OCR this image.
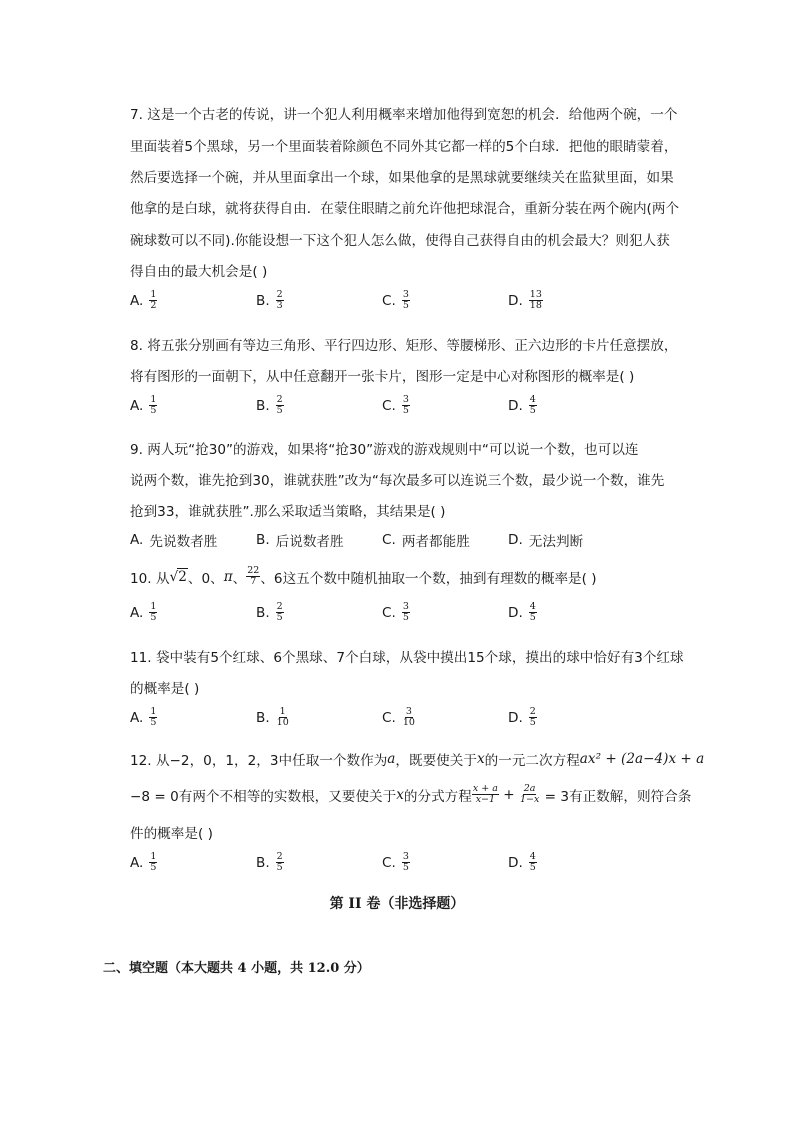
7. 这是一个古老的传说，讲一个犯人利用概率来增加他得到宽恕的机会．给他两个碗，一个
里面装着5个黑球，另一个里面装着除颜色不同外其它都一样的5个白球．把他的眼睛蒙着，
然后要选择一个碗，并从里面拿出一个球，如果他拿的是黑球就要继续关在监狱里面，如果
他拿的是白球，就将获得自由．在蒙住眼睛之前允许他把球混合，重新分装在两个碗内(两个
碗球数可以不同).你能设想一下这个犯人怎么做，使得自己获得自由的机会最大？则犯人获
得自由的最大机会是( )
A. $\frac{1}{2}$	B. $\frac{2}{3}$	C. $\frac{3}{5}$	D. $\frac{13}{18}$
8. 将五张分别画有等边三角形、平行四边形、矩形、等腰梯形、正六边形的卡片任意摆放，
将有图形的一面朝下，从中任意翻开一张卡片，图形一定是中心对称图形的概率是( )
A. $\frac{1}{5}$	B. $\frac{2}{5}$	C. $\frac{3}{5}$	D. $\frac{4}{5}$
9. 两人玩“抢30”的游戏，如果将“抢30”游戏的游戏规则中“可以说一个数，也可以连
说两个数，谁先抢到30，谁就获胜”改为“每次最多可以连说三个数，最少说一个数，谁先
抢到33，谁就获胜”.那么采取适当策略，其结果是( )
A. 先说数者胜	B. 后说数者胜	C. 两者都能胜	D. 无法判断
10. 从 √ 2 、0、 π 、 $\frac{22}{7}$ 、6这五个数中随机抽取一个数，抽到有理数的概率是( )
A. $\frac{1}{5}$	B. $\frac{2}{5}$	C. $\frac{3}{5}$	D. $\frac{4}{5}$
11. 袋中装有5个红球、6个黑球、7个白球，从袋中摸出15个球，摸出的球中恰好有3个红球
的概率是( )
A. $\frac{1}{5}$	B. $\frac{1}{10}$	C. $\frac{3}{10}$	D. $\frac{2}{5}$
12. 从−2，0，1，2，3中任取一个数作为 a ，既要使关于 x 的一元二次方程 ax² + (2a−4)x + a
−8 = 0有两个不相等的实数根，又要使关于 x 的分式方程 $\frac{x + a}{x-1} + \frac{2a}{1-x} = 3$有正数解，则符合条
件的概率是( )
A. $\frac{1}{5}$	B. $\frac{2}{5}$	C. $\frac{3}{5}$	D. $\frac{4}{5}$
第 II 卷（非选择题）
二、填空题（本大题共 4 小题，共 12.0 分）
